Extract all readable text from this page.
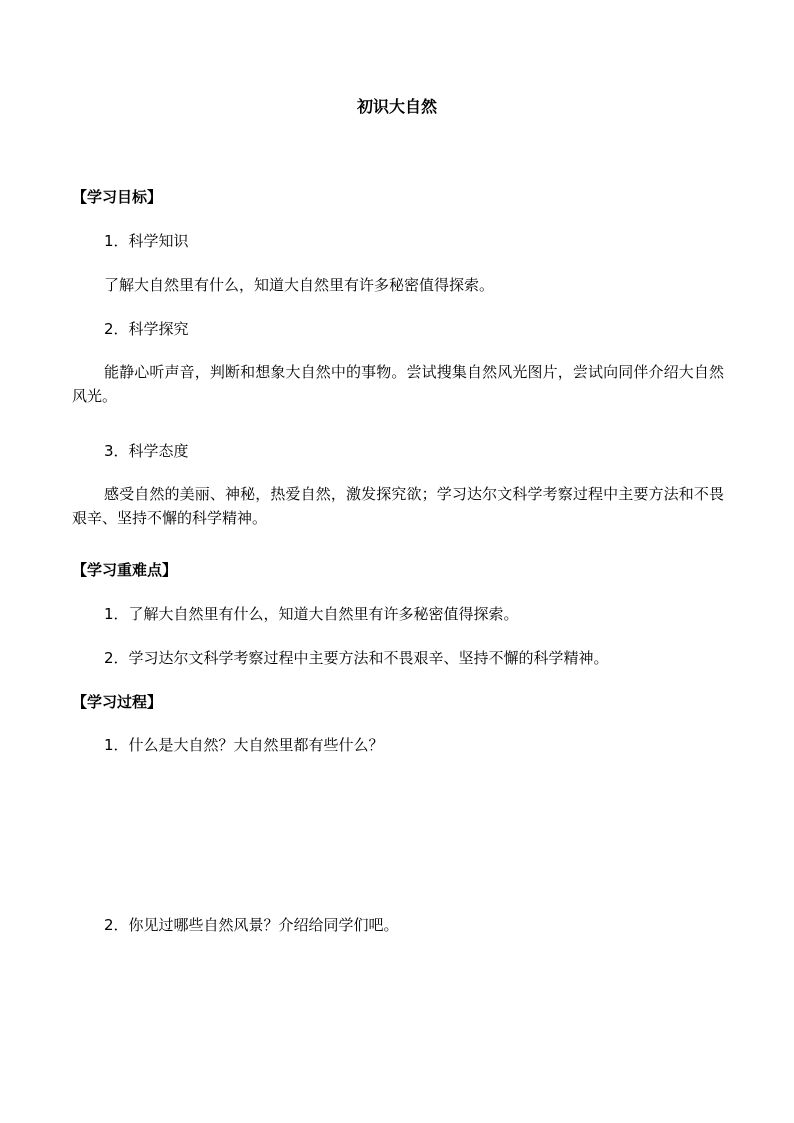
初识大自然
【学习目标】
1．科学知识
了解大自然里有什么，知道大自然里有许多秘密值得探索。
2．科学探究
能静心听声音，判断和想象大自然中的事物。尝试搜集自然风光图片，尝试向同伴介绍大自然风光。
3．科学态度
感受自然的美丽、神秘，热爱自然，激发探究欲；学习达尔文科学考察过程中主要方法和不畏艰辛、坚持不懈的科学精神。
【学习重难点】
1．了解大自然里有什么，知道大自然里有许多秘密值得探索。
2．学习达尔文科学考察过程中主要方法和不畏艰辛、坚持不懈的科学精神。
【学习过程】
1．什么是大自然？大自然里都有些什么？
2．你见过哪些自然风景？介绍给同学们吧。
